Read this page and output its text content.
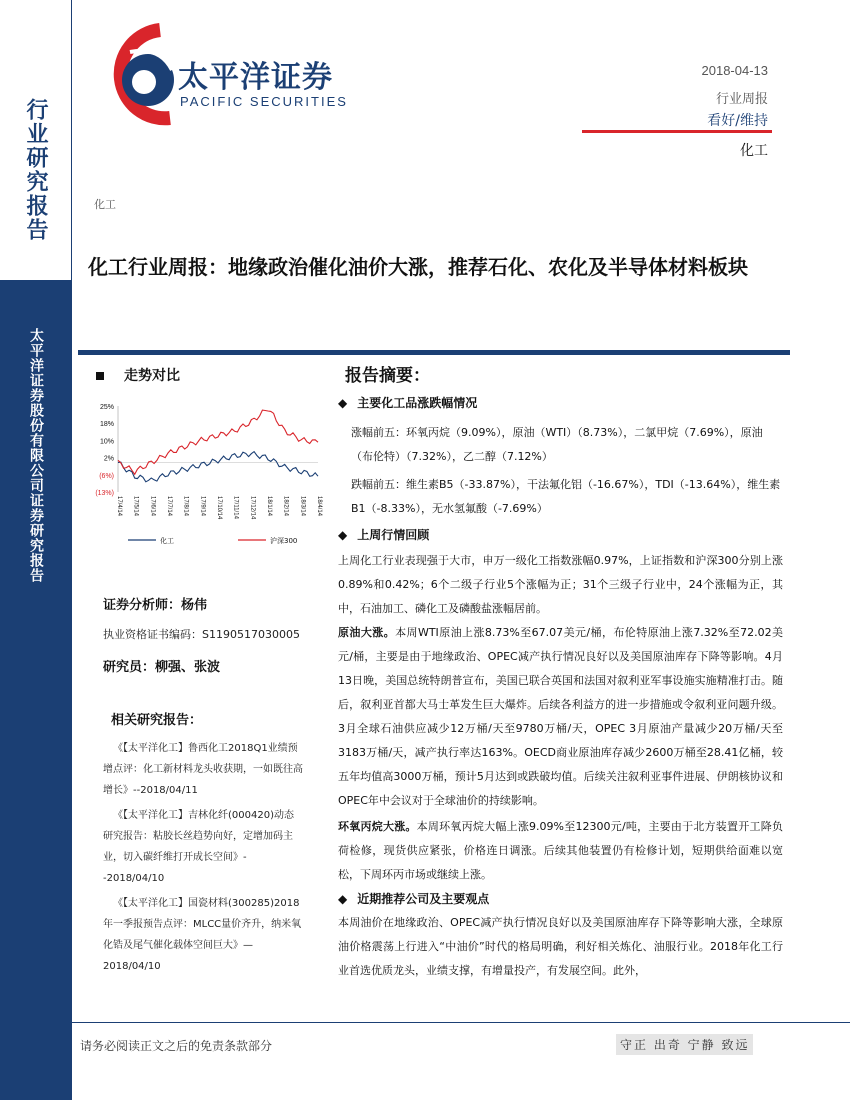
行业研究报告
太平洋证券股份有限公司证券研究报告
太平洋证券
PACIFIC SECURITIES
2018-04-13
行业周报
看好/维持
化工
化工
化工行业周报：地缘政治催化油价大涨，推荐石化、农化及半导体材料板块
走势对比
25%
18%
10%
2%
(6%)
(13%)
17/4/14 17/5/14 17/6/14 17/7/14 17/8/14 17/9/14 17/10/14 17/11/14 17/12/14 18/1/14 18/2/14 18/3/14 18/4/14
化工	沪深300
证券分析师：杨伟
执业资格证书编码：S1190517030005
研究员：柳强、张波
相关研究报告：

《【太平洋化工】鲁西化工2018Q1业绩预增点评：化工新材料龙头收获期，一如既往高增长》--2018/04/11

《【太平洋化工】吉林化纤(000420)动态研究报告：粘胶长丝趋势向好，定增加码主业，切入碳纤维打开成长空间》--2018/04/10

《【太平洋化工】国瓷材料(300285)2018年一季报预告点评：MLCC量价齐升，纳米氧化锆及尾气催化载体空间巨大》—2018/04/10

报告摘要：
◆ 主要化工品涨跌幅情况
涨幅前五：环氧丙烷（9.09%），原油（WTI）（8.73%），二氯甲烷（7.69%），原油（布伦特）（7.32%），乙二醇（7.12%）
跌幅前五：维生素B5（-33.87%），干法氟化铝（-16.67%），TDI（-13.64%），维生素B1（-8.33%），无水氢氟酸（-7.69%）
◆ 上周行情回顾
上周化工行业表现强于大市，申万一级化工指数涨幅0.97%，上证指数和沪深300分别上涨0.89%和0.42%；6个二级子行业5个涨幅为正；31个三级子行业中，24个涨幅为正，其中，石油加工、磷化工及磷酸盐涨幅居前。
原油大涨。本周WTI原油上涨8.73%至67.07美元/桶，布伦特原油上涨7.32%至72.02美元/桶，主要是由于地缘政治、OPEC减产执行情况良好以及美国原油库存下降等影响。4月13日晚，美国总统特朗普宣布，美国已联合英国和法国对叙利亚军事设施实施精准打击。随后，叙利亚首都大马士革发生巨大爆炸。后续各利益方的进一步措施或令叙利亚问题升级。3月全球石油供应减少12万桶/天至9780万桶/天，OPEC 3月原油产量减少20万桶/天至3183万桶/天，减产执行率达163%。OECD商业原油库存减少2600万桶至28.41亿桶，较五年均值高3000万桶，预计5月达到或跌破均值。后续关注叙利亚事件进展、伊朗核协议和OPEC年中会议对于全球油价的持续影响。
环氧丙烷大涨。本周环氧丙烷大幅上涨9.09%至12300元/吨，主要由于北方装置开工降负荷检修，现货供应紧张，价格连日调涨。后续其他装置仍有检修计划，短期供给面难以宽松，下周环丙市场或继续上涨。
◆ 近期推荐公司及主要观点
本周油价在地缘政治、OPEC减产执行情况良好以及美国原油库存下降等影响大涨，全球原油价格震荡上行进入“中油价”时代的格局明确，利好相关炼化、油服行业。2018年化工行业首选优质龙头，业绩支撑，有增量投产，有发展空间。此外，
请务必阅读正文之后的免责条款部分	守正 出奇 宁静 致远
